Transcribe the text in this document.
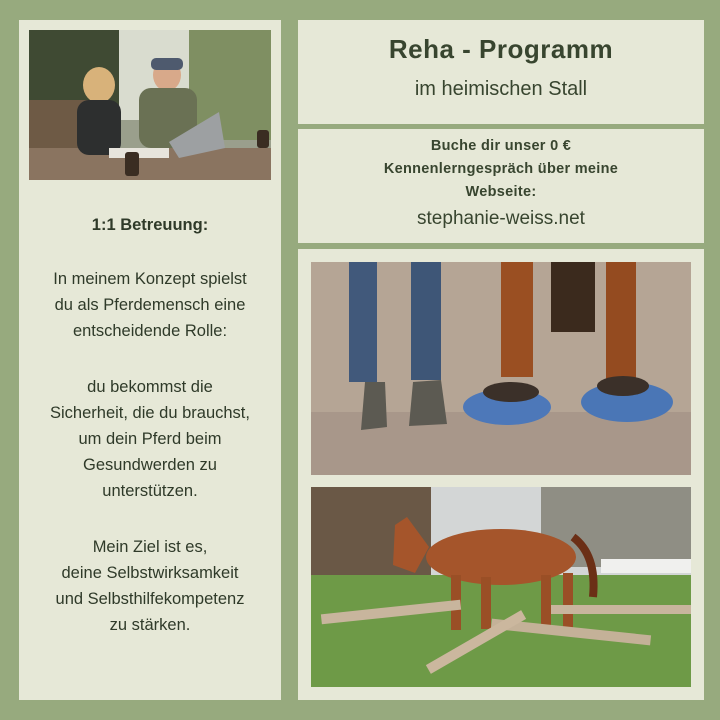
1:1 Betreuung:
In meinem Konzept spielst
du als Pferdemensch eine
entscheidende Rolle:
du bekommst die
Sicherheit, die du brauchst,
um dein Pferd beim
Gesundwerden zu
unterstützen.
Mein Ziel ist es,
deine Selbstwirksamkeit
und Selbsthilfekompetenz
zu stärken.
Reha - Programm
im heimischen Stall
Buche dir unser 0 €
Kennenlerngespräch über meine
Webseite:
stephanie-weiss.net
